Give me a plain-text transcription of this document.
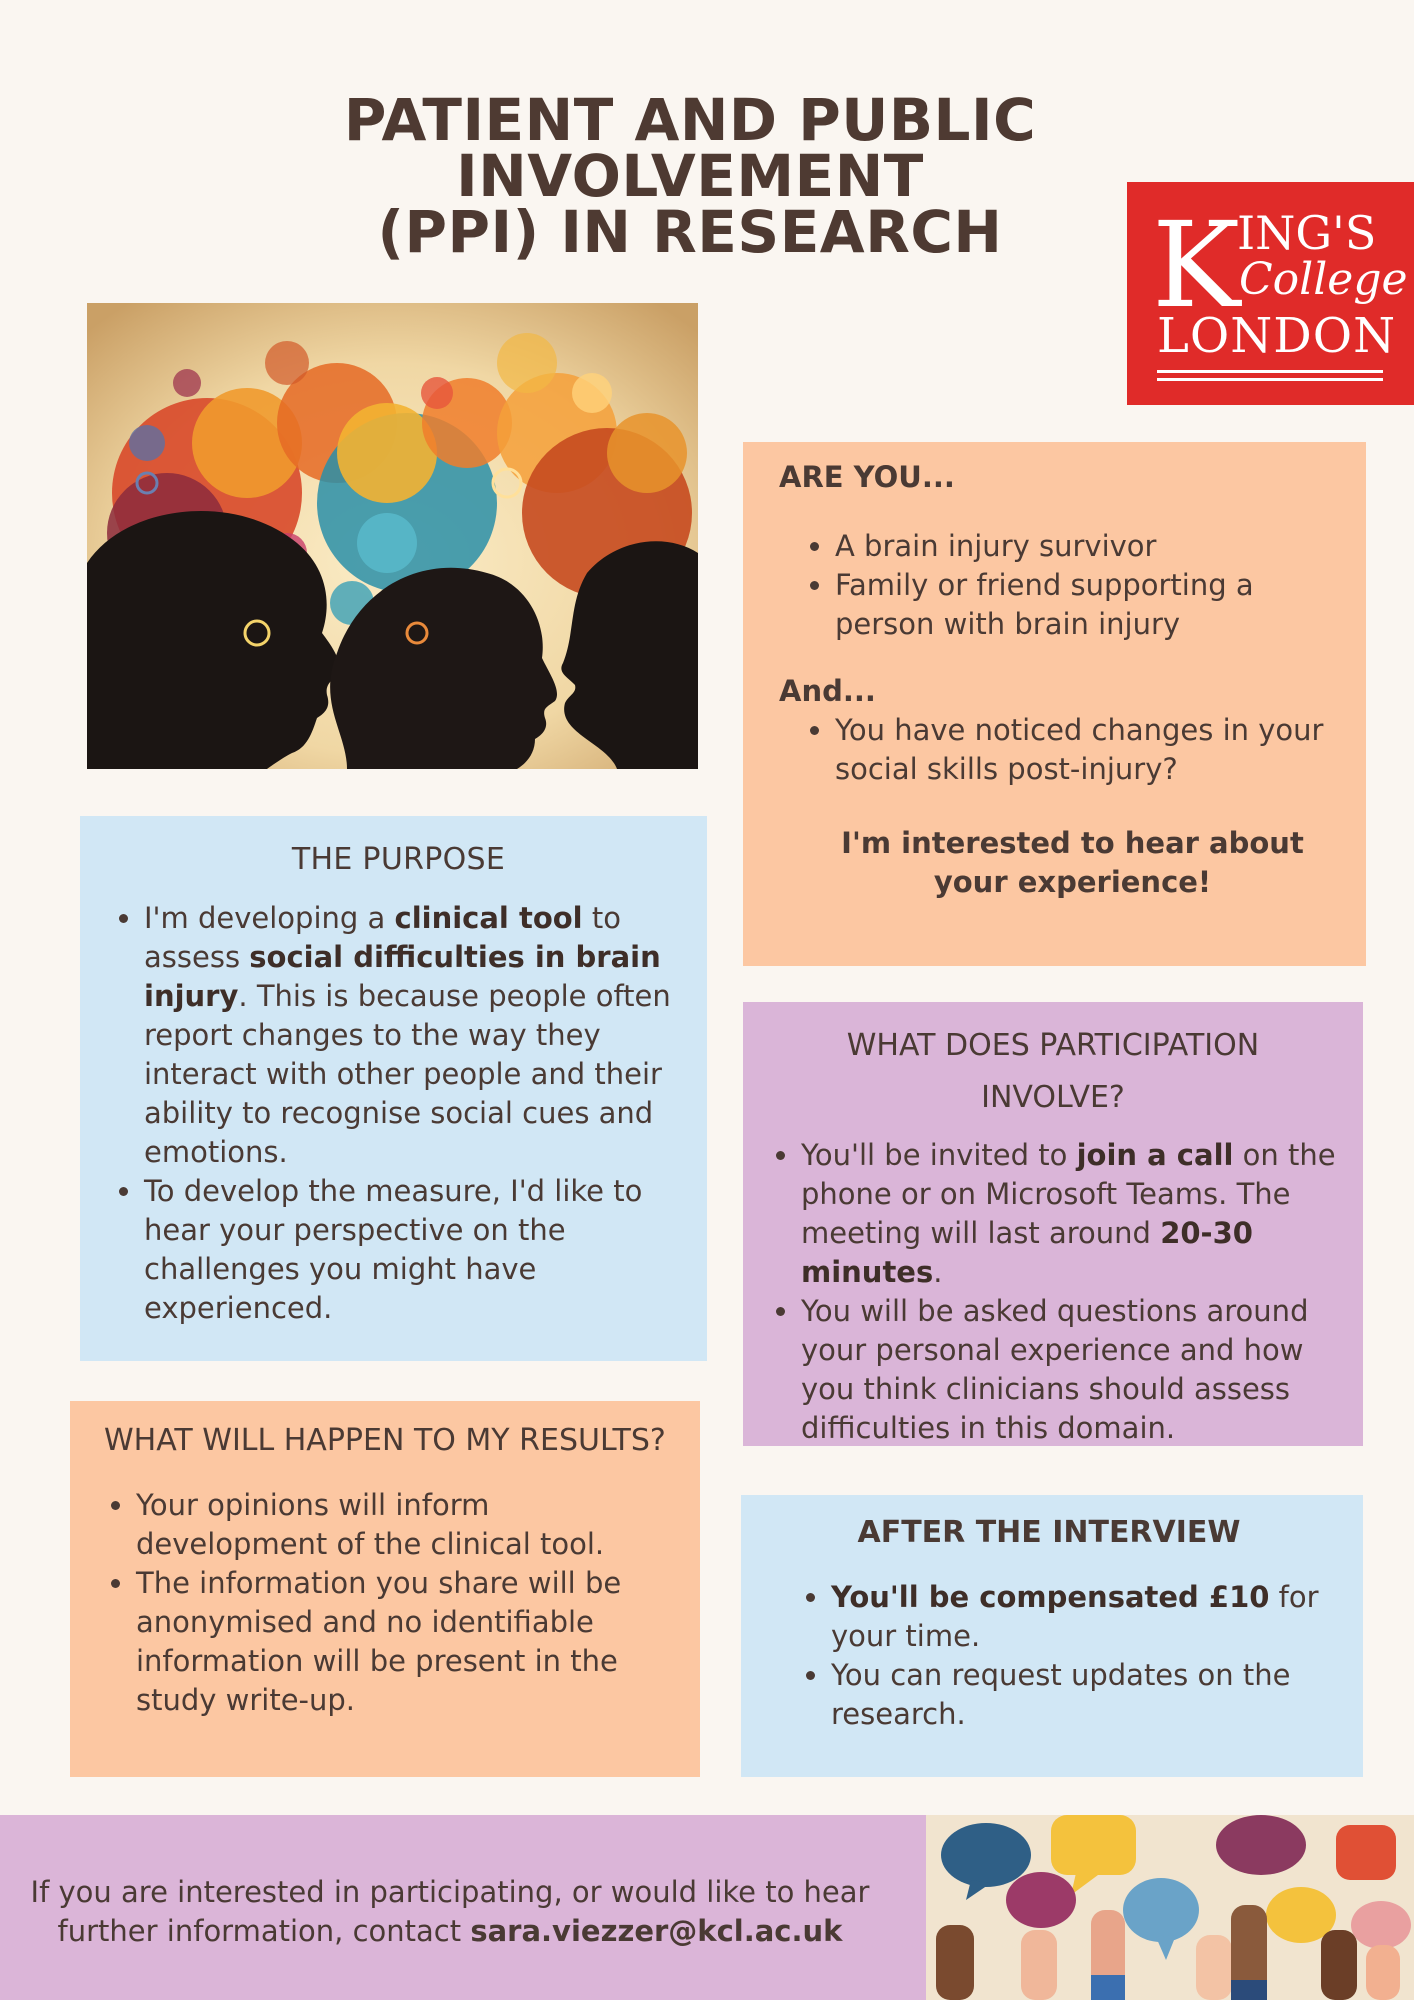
PATIENT AND PUBLIC INVOLVEMENT
(PPI) IN RESEARCH	K
ING'S
College
LONDON
ARE YOU...
• A brain injury survivor
• Family or friend supporting a person with brain injury
And...
• You have noticed changes in your social skills post-injury?
I'm interested to hear about your experience!
THE PURPOSE
• I'm developing a clinical tool to assess social difficulties in brain injury. This is because people often report changes to the way they interact with other people and their ability to recognise social cues and emotions.
• To develop the measure, I'd like to hear your perspective on the challenges you might have experienced.
WHAT DOES PARTICIPATION
INVOLVE?
• You'll be invited to join a call on the phone or on Microsoft Teams. The meeting will last around 20-30 minutes.
• You will be asked questions around your personal experience and how you think clinicians should assess difficulties in this domain.
WHAT WILL HAPPEN TO MY RESULTS?
• Your opinions will inform development of the clinical tool.
• The information you share will be anonymised and no identifiable information will be present in the study write-up.
AFTER THE INTERVIEW
• You'll be compensated £10 for your time.
• You can request updates on the research.
If you are interested in participating, or would like to hear
further information, contact sara.viezzer@kcl.ac.uk
